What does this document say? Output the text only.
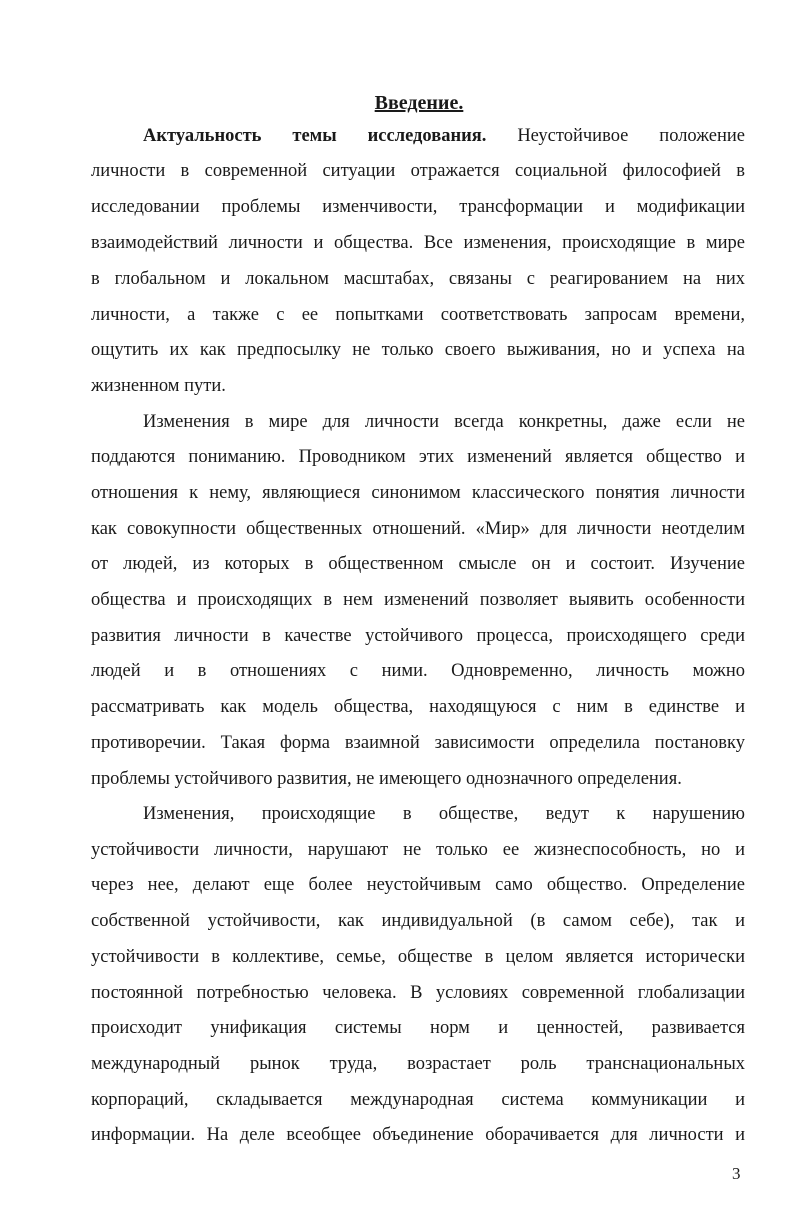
Введение.

Актуальность темы исследования. Неустойчивое положение

личности в современной ситуации отражается социальной философией в

исследовании проблемы изменчивости, трансформации и модификации

взаимодействий личности и общества. Все изменения, происходящие в мире

в глобальном и локальном масштабах, связаны с реагированием на них

личности, а также с ее попытками соответствовать запросам времени,

ощутить их как предпосылку не только своего выживания, но и успеха на

жизненном пути.

Изменения в мире для личности всегда конкретны, даже если не

поддаются пониманию. Проводником этих изменений является общество и

отношения к нему, являющиеся синонимом классического понятия личности

как совокупности общественных отношений. «Мир» для личности неотделим

от людей, из которых в общественном смысле он и состоит. Изучение

общества и происходящих в нем изменений позволяет выявить особенности

развития личности в качестве устойчивого процесса, происходящего среди

людей и в отношениях с ними. Одновременно, личность можно

рассматривать как модель общества, находящуюся с ним в единстве и

противоречии. Такая форма взаимной зависимости определила постановку

проблемы устойчивого развития, не имеющего однозначного определения.

Изменения, происходящие в обществе, ведут к нарушению

устойчивости личности, нарушают не только ее жизнеспособность, но и

через нее, делают еще более неустойчивым само общество. Определение

собственной устойчивости, как индивидуальной (в самом себе), так и

устойчивости в коллективе, семье, обществе в целом является исторически

постоянной потребностью человека. В условиях современной глобализации

происходит унификация системы норм и ценностей, развивается

международный рынок труда, возрастает роль транснациональных

корпораций, складывается международная система коммуникации и

информации. На деле всеобщее объединение оборачивается для личности и

3
